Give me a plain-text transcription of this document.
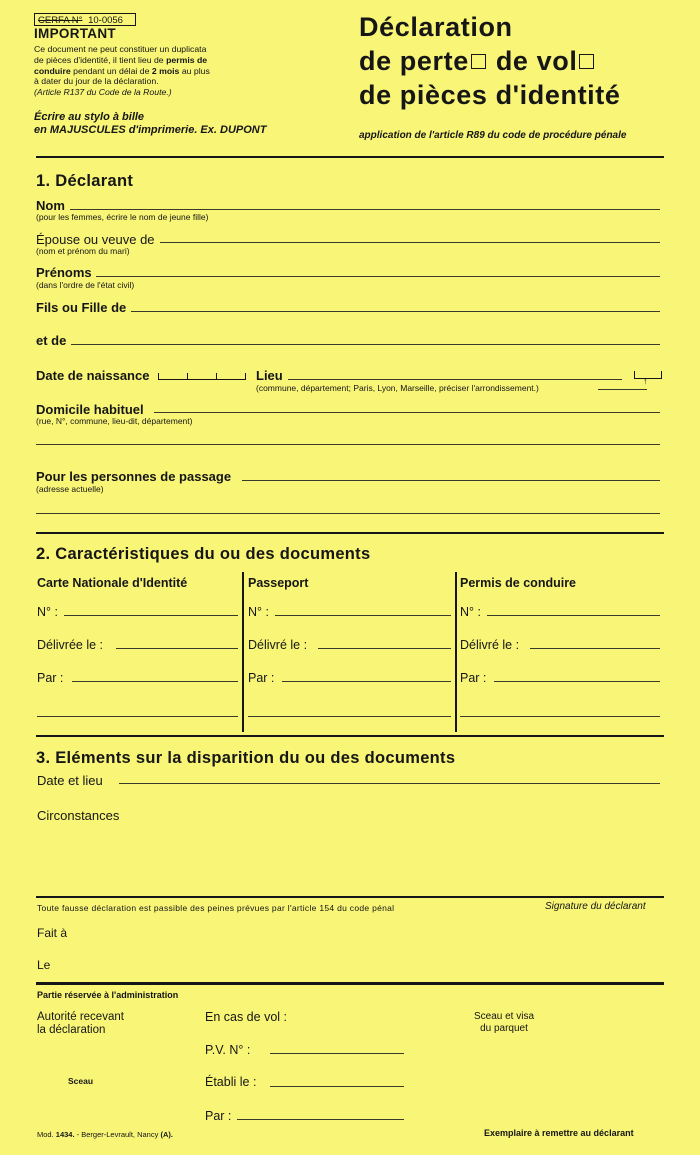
CERFA N° 10-0056
IMPORTANT
Ce document ne peut constituer un duplicata
de pièces d'identité, il tient lieu de permis de
conduire pendant un délai de 2 mois au plus
à dater du jour de la déclaration.
(Article R137 du Code de la Route.)
Écrire au stylo à bille
en MAJUSCULES d'imprimerie. Ex. DUPONT
Déclaration
de perte de vol
de pièces d'identité
application de l'article R89 du code de procédure pénale
1. Déclarant
Nom
(pour les femmes, écrire le nom de jeune fille)
Épouse ou veuve de
(nom et prénom du mari)
Prénoms
(dans l'ordre de l'état civil)
Fils ou Fille de
et de
Date de naissance	Lieu
(commune, département; Paris, Lyon, Marseille, préciser l'arrondissement.)
↑
Domicile habituel
(rue, N°, commune, lieu-dit, département)
Pour les personnes de passage
(adresse actuelle)
2. Caractéristiques du ou des documents
Carte Nationale d'Identité
N° :
Délivrée le :
Par :
Passeport
N° :
Délivré le :
Par :
Permis de conduire
N° :
Délivré le :
Par :
3. Eléments sur la disparition du ou des documents
Date et lieu
Circonstances
Toute fausse déclaration est passible des peines prévues par l'article 154 du code pénal	Signature du déclarant
Fait à
Le
Partie réservée à l'administration
Autorité recevant
la déclaration
En cas de vol :
P.V. N° :
Établi le :
Par :
Sceau et visa
du parquet
Sceau
Mod. 1434. - Berger-Levrault, Nancy (A).	Exemplaire à remettre au déclarant
